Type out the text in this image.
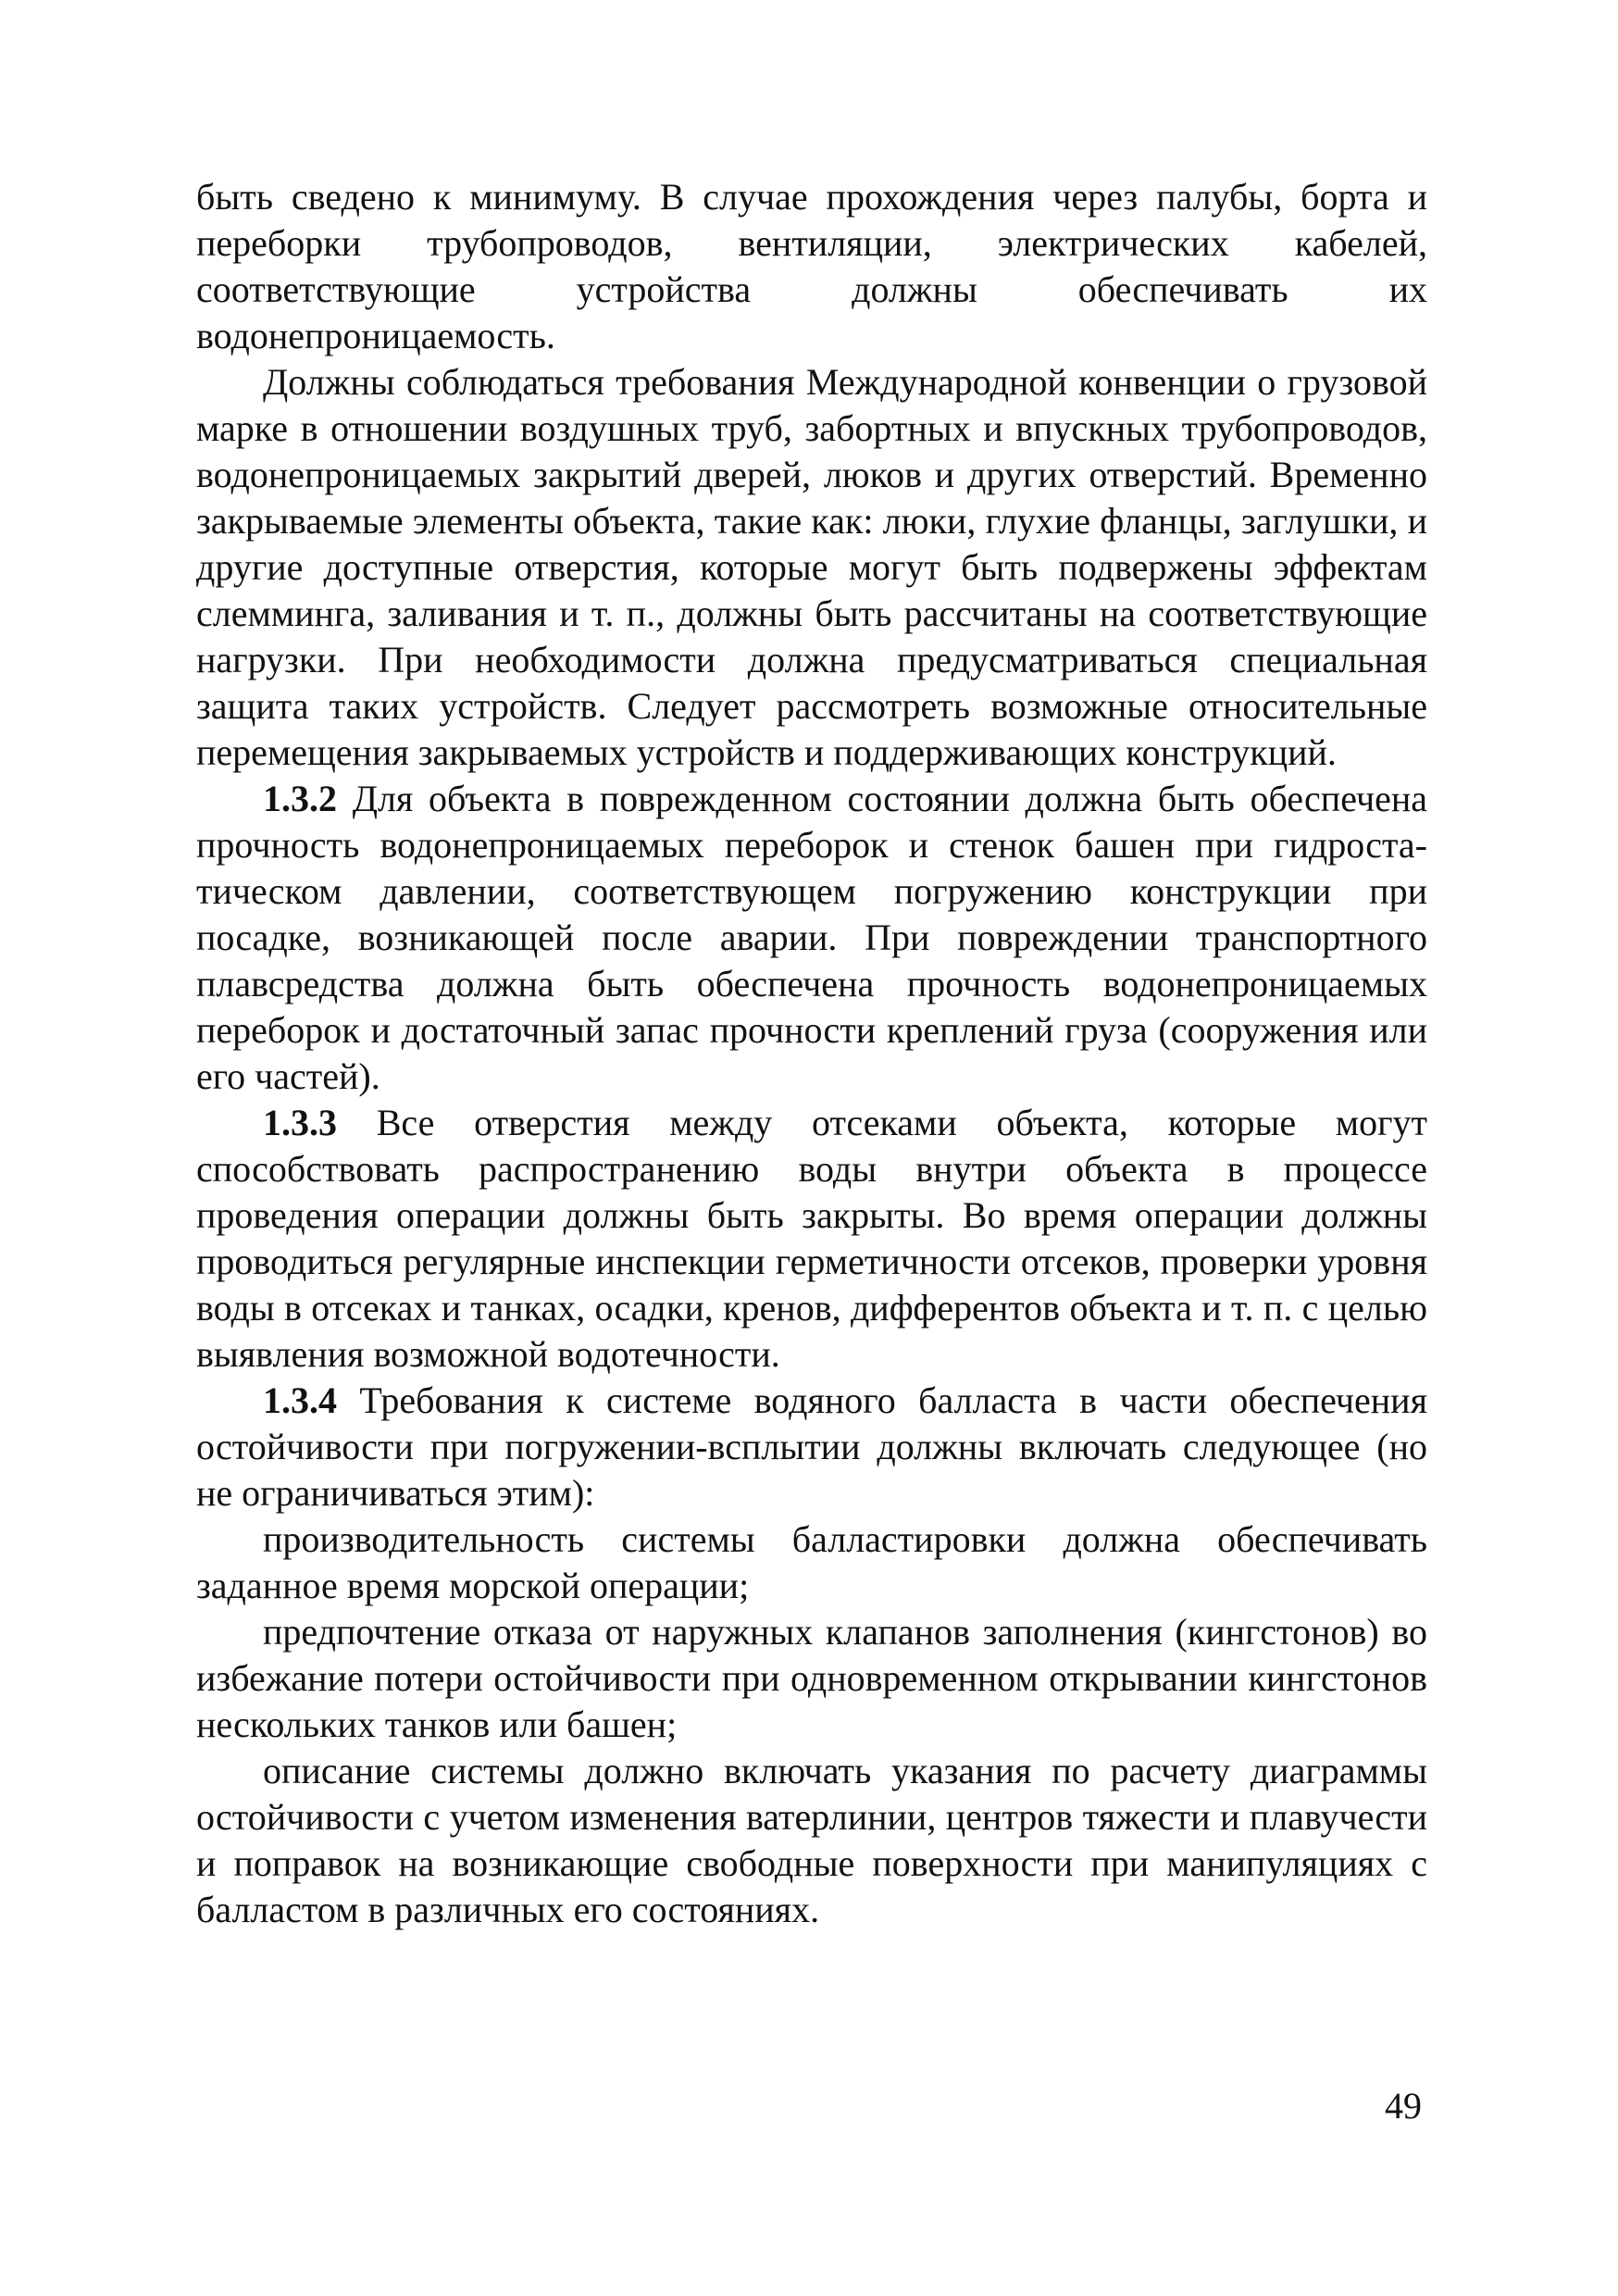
быть сведено к минимуму. В случае прохождения через палубы, борта и переборки трубопроводов, вентиляции, электрических кабелей, соответствующие устройства должны обеспечивать их водонепроницаемость.

Должны соблюдаться требования Международной конвенции о грузовой марке в отношении воздушных труб, забортных и впускных трубопроводов, водонепроницаемых закрытий дверей, люков и других отверстий. Временно закрываемые элементы объекта, такие как: люки, глухие фланцы, заглушки, и другие доступные отверстия, которые могут быть подвержены эффектам слемминга, заливания и т. п., должны быть рассчитаны на соответствующие нагрузки. При необходимости должна предусматриваться специальная защита таких устройств. Следует рассмотреть возможные относительные перемещения закрываемых устройств и поддерживающих конструкций.

1.3.2 Для объекта в поврежденном состоянии должна быть обеспечена прочность водонепроницаемых переборок и стенок башен при гидростатическом давлении, соответствующем погружению конструкции при посадке, возникающей после аварии. При повреждении транспортного плавсредства должна быть обеспечена прочность водонепроницаемых переборок и достаточный запас прочности креплений груза (сооружения или его частей).

1.3.3 Все отверстия между отсеками объекта, которые могут способствовать распространению воды внутри объекта в процессе проведения операции должны быть закрыты. Во время операции должны проводиться регулярные инспекции герметичности отсеков, проверки уровня воды в отсеках и танках, осадки, кренов, дифферентов объекта и т. п. с целью выявления возможной водотечности.

1.3.4 Требования к системе водяного балласта в части обеспечения остойчивости при погружении-всплытии должны включать следующее (но не ограничиваться этим):

производительность системы балластировки должна обеспечивать заданное время морской операции;

предпочтение отказа от наружных клапанов заполнения (кингстонов) во избежание потери остойчивости при одновременном открывании кингстонов нескольких танков или башен;

описание системы должно включать указания по расчету диаграммы остойчивости с учетом изменения ватерлинии, центров тяжести и плавучести и поправок на возникающие свободные поверхности при манипуляциях с балластом в различных его состояниях.

49
